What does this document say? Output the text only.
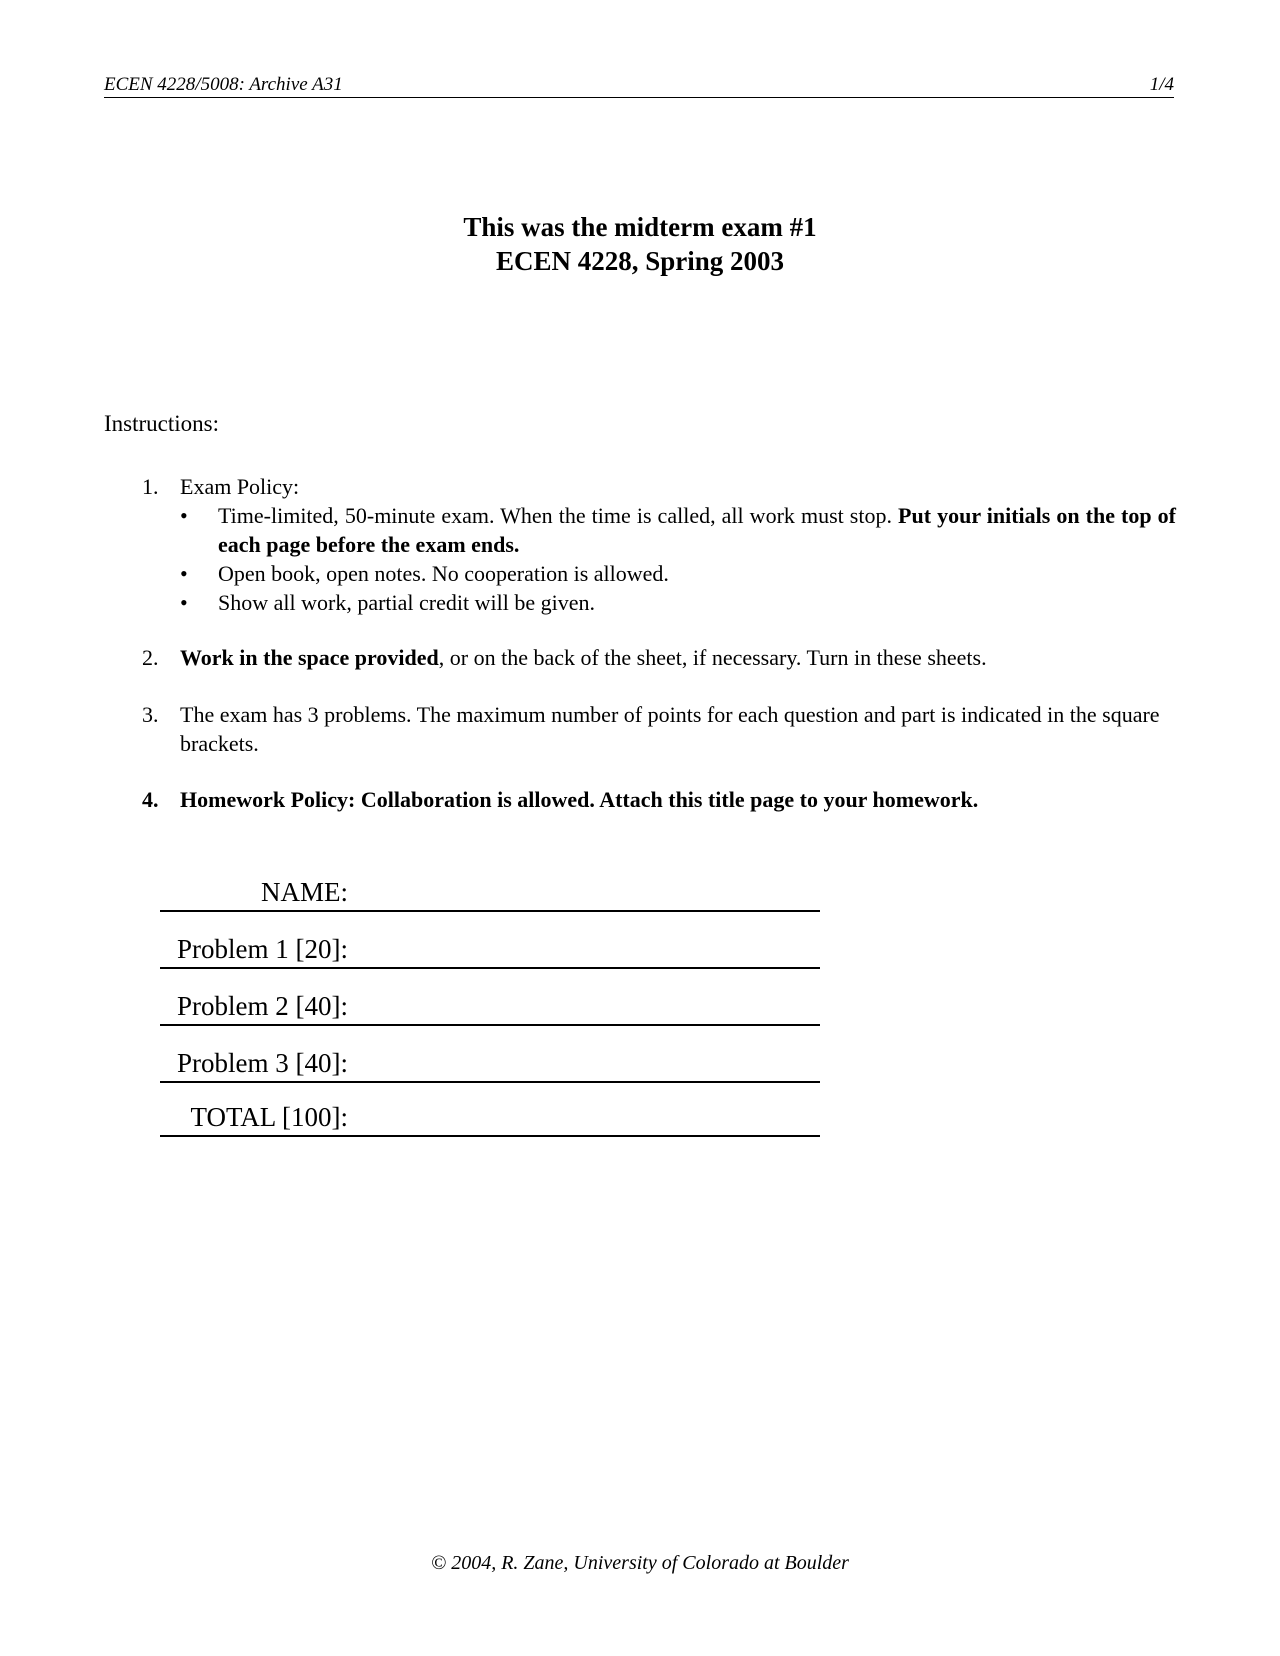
ECEN 4228/5008: Archive A31	1/4
This was the midterm exam #1
ECEN 4228, Spring 2003
Instructions:
1. Exam Policy:
• Time-limited, 50-minute exam. When the time is called, all work must stop. Put your initials on the top of each page before the exam ends.
• Open book, open notes. No cooperation is allowed.
• Show all work, partial credit will be given.
2. Work in the space provided, or on the back of the sheet, if necessary. Turn in these sheets.
3. The exam has 3 problems. The maximum number of points for each question and part is indicated in the square brackets.
4. Homework Policy: Collaboration is allowed. Attach this title page to your homework.
NAME:
Problem 1 [20]:
Problem 2 [40]:
Problem 3 [40]:
TOTAL [100]:
© 2004, R. Zane, University of Colorado at Boulder
